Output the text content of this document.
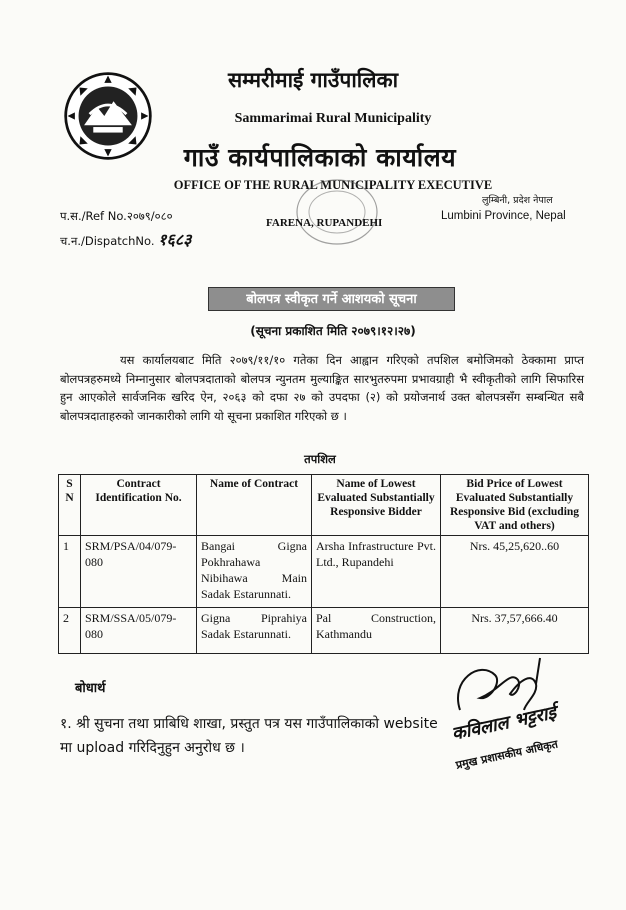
सम्मरीमाई गाउँपालिका
Sammarimai Rural Municipality
गाउँ कार्यपालिकाको कार्यालय
OFFICE OF THE RURAL MUNICIPALITY EXECUTIVE
लुम्बिनी, प्रदेश नेपाल
Lumbini Province, Nepal
प.स./Ref No.२०७९/०८०
च.न./DispatchNo. १६८३
FARENA, RUPANDEHI
बोलपत्र स्वीकृत गर्ने आशयको सूचना
(सूचना प्रकाशित मिति २०७९।१२।२७)
यस कार्यालयबाट मिति २०७९/११/१० गतेका दिन आह्वान गरिएको तपशिल बमोजिमको ठेक्कामा प्राप्त बोलपत्रहरुमध्ये निम्नानुसार बोलपत्रदाताको बोलपत्र न्युनतम मुल्याङ्कित सारभुतरुपमा प्रभावग्राही भै स्वीकृतीको लागि सिफारिस हुन आएकोले सार्वजनिक खरिद ऐन, २०६३ को दफा २७ को उपदफा (२) को प्रयोजनार्थ उक्त बोलपत्रसँग सम्बन्धित सबै बोलपत्रदाताहरुको जानकारीको लागि यो सूचना प्रकाशित गरिएको छ ।
तपशिल
S N	Contract Identification No.	Name of Contract	Name of Lowest Evaluated Substantially Responsive Bidder	Bid Price of Lowest Evaluated Substantially Responsive Bid (excluding VAT and others)
1	SRM/PSA/04/079-080	Bangai Gigna Pokhrahawa Nibihawa Main Sadak Estarunnati.	Arsha Infrastructure Pvt. Ltd., Rupandehi	Nrs. 45,25,620..60
2	SRM/SSA/05/079-080	Gigna Piprahiya Sadak Estarunnati.	Pal Construction, Kathmandu	Nrs. 37,57,666.40
बोधार्थ
१. श्री सुचना तथा प्राबिधि शाखा, प्रस्तुत पत्र यस गाउँपालिकाको website मा upload गरिदिनुहुन अनुरोध छ ।
कविलाल भट्टराई
प्रमुख प्रशासकीय अधिकृत
